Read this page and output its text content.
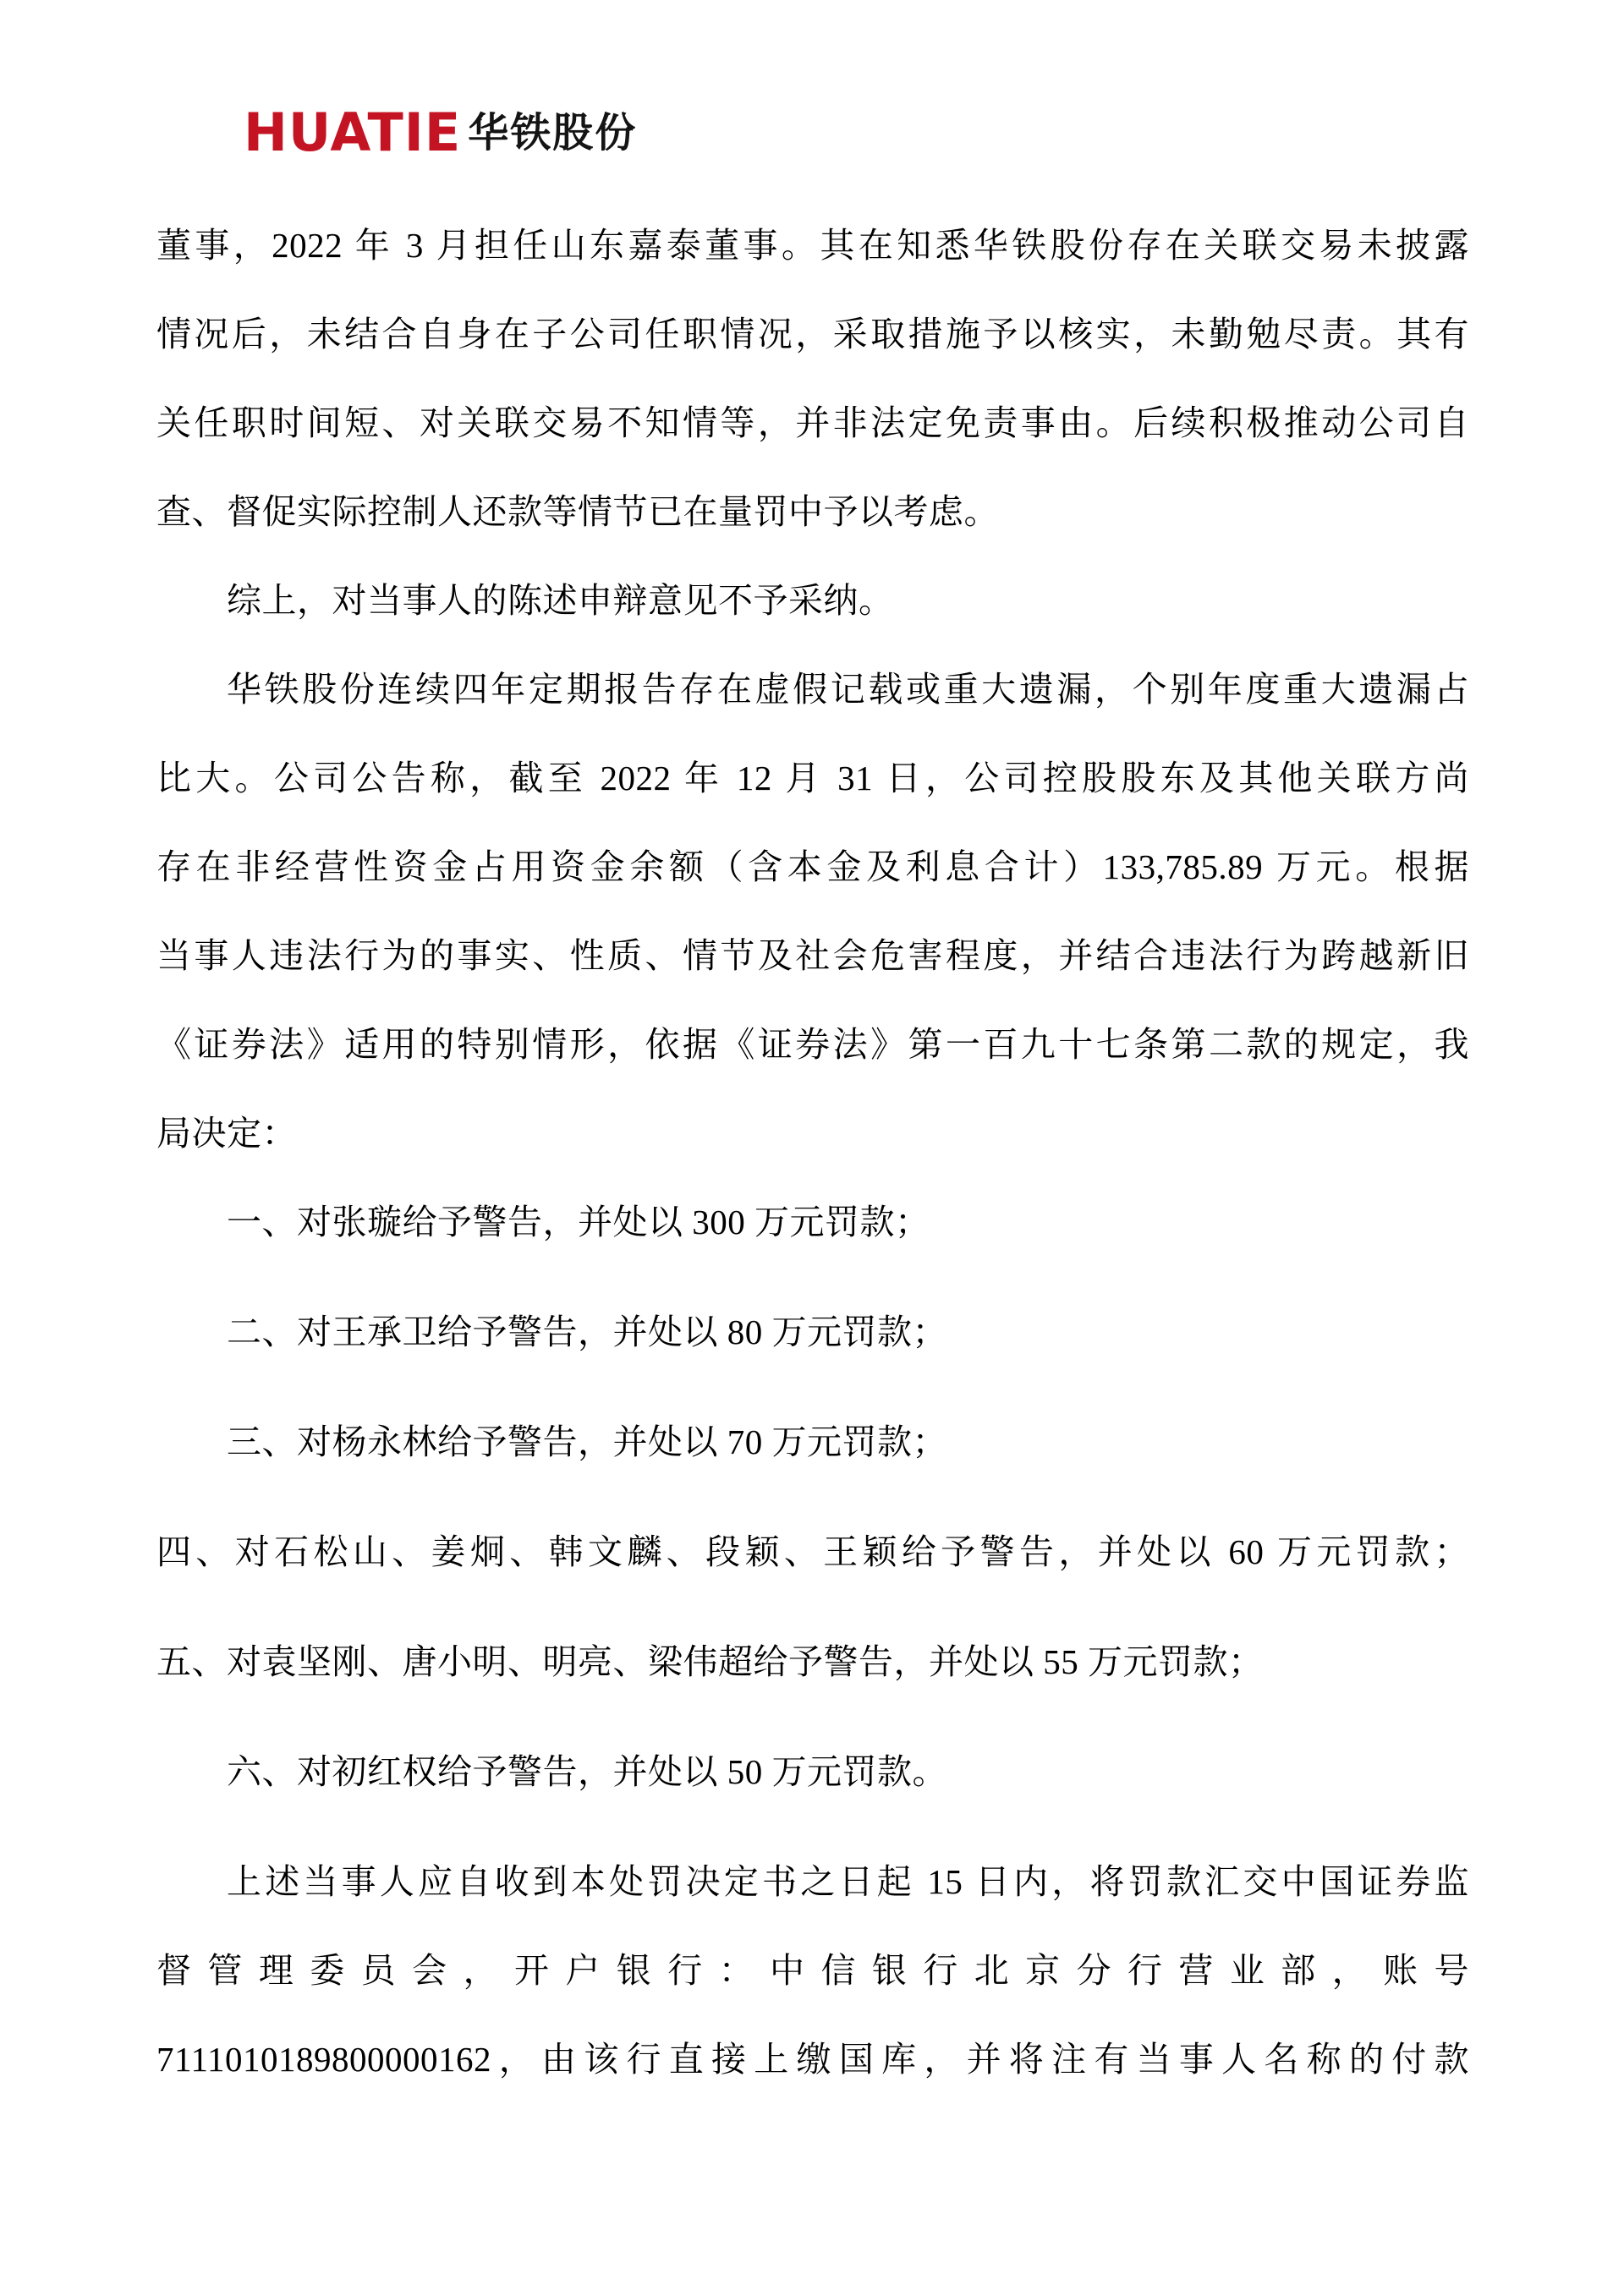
HUATIE 华铁股份
董事，2022 年 3 月担任山东嘉泰董事。其在知悉华铁股份存在关联交易未披露
情况后，未结合自身在子公司任职情况，采取措施予以核实，未勤勉尽责。其有
关任职时间短、对关联交易不知情等，并非法定免责事由。后续积极推动公司自
查、督促实际控制人还款等情节已在量罚中予以考虑。
综上，对当事人的陈述申辩意见不予采纳。
华铁股份连续四年定期报告存在虚假记载或重大遗漏，个别年度重大遗漏占
比大。公司公告称，截至 2022 年 12 月 31 日，公司控股股东及其他关联方尚
存在非经营性资金占用资金余额（含本金及利息合计）133,785.89 万元。根据
当事人违法行为的事实、性质、情节及社会危害程度，并结合违法行为跨越新旧
《证券法》适用的特别情形，依据《证券法》第一百九十七条第二款的规定，我
局决定：
一、对张璇给予警告，并处以 300 万元罚款；
二、对王承卫给予警告，并处以 80 万元罚款；
三、对杨永林给予警告，并处以 70 万元罚款；
四、对石松山、姜炯、韩文麟、段颖、王颖给予警告，并处以 60 万元罚款；
五、对袁坚刚、唐小明、明亮、梁伟超给予警告，并处以 55 万元罚款；
六、对初红权给予警告，并处以 50 万元罚款。
上述当事人应自收到本处罚决定书之日起 15 日内，将罚款汇交中国证券监
督管理委员会，开户银行：中信银行北京分行营业部，账号
7111010189800000162，由该行直接上缴国库，并将注有当事人名称的付款
